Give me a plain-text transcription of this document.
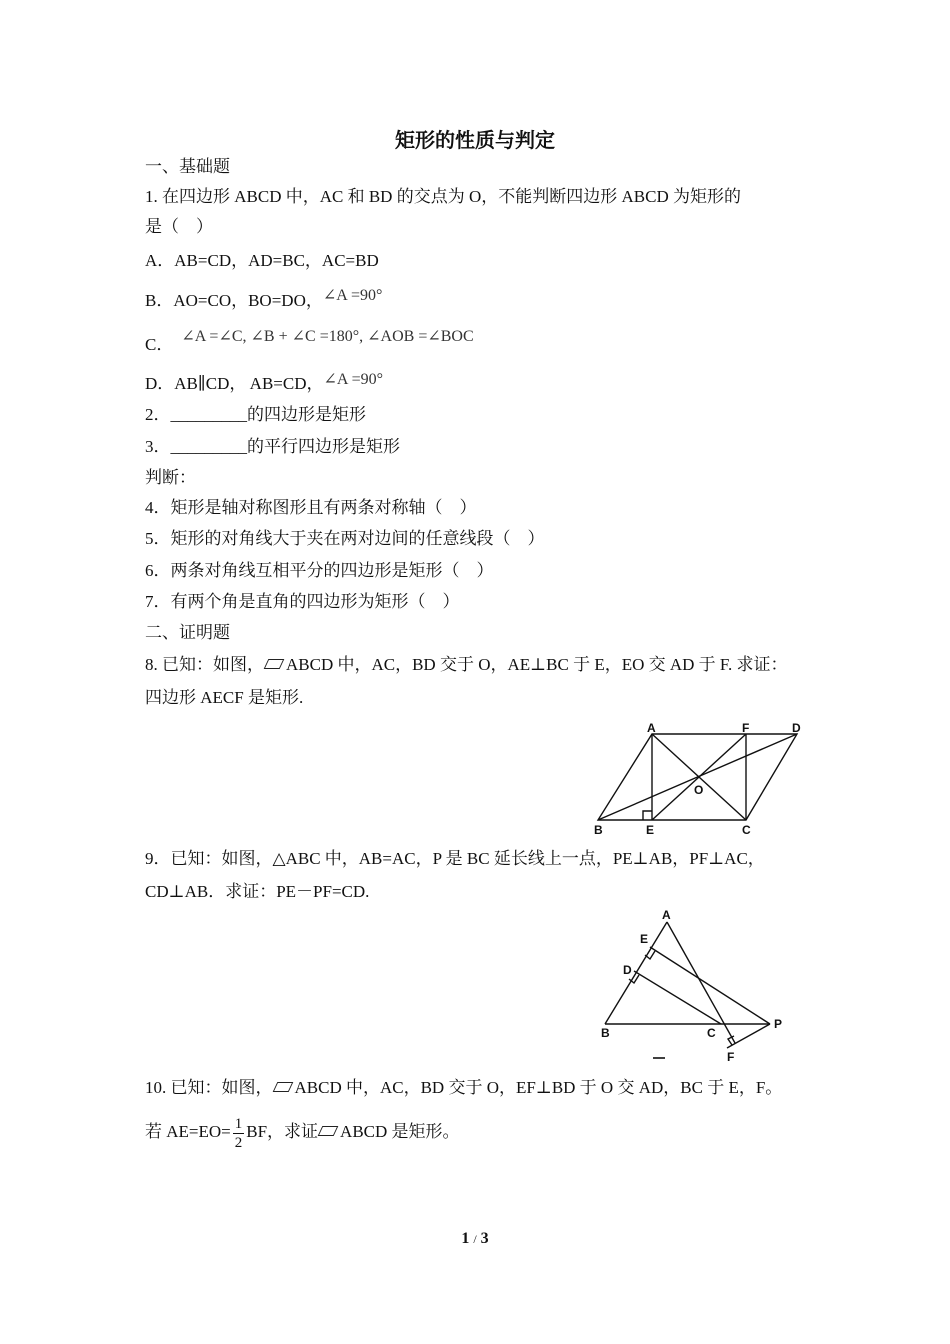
矩形的性质与判定
一、基础题
1. 在四边形 ABCD 中，AC 和 BD 的交点为 O，不能判断四边形 ABCD 为矩形的
是（　）
A．AB=CD，AD=BC，AC=BD
B．AO=CO，BO=DO，∠A =90°
C． ∠A =∠C, ∠B + ∠C =180°, ∠AOB =∠BOC
D．AB∥CD， AB=CD，∠A =90°
2．_________的四边形是矩形
3．_________的平行四边形是矩形
判断：
4．矩形是轴对称图形且有两条对称轴（　）
5．矩形的对角线大于夹在两对边间的任意线段（　）
6．两条对角线互相平分的四边形是矩形（　）
7．有两个角是直角的四边形为矩形（　）
二、证明题
8. 已知：如图， ABCD 中，AC，BD 交于 O，AE⊥BC 于 E，EO 交 AD 于 F. 求证：
四边形 AECF 是矩形.
A	F	D
O
B	E	C
9．已知：如图，△ABC 中，AB=AC，P 是 BC 延长线上一点，PE⊥AB，PF⊥AC，
CD⊥AB．求证：PE－PF=CD.
A
E
D
B	C
P
F
10. 已知：如图， ABCD 中，AC，BD 交于 O，EF⊥BD 于 O 交 AD，BC 于 E，F。
若 $AE=EO= \frac{1}{2}$ BF，求证 ABCD 是矩形。
1 / 3
